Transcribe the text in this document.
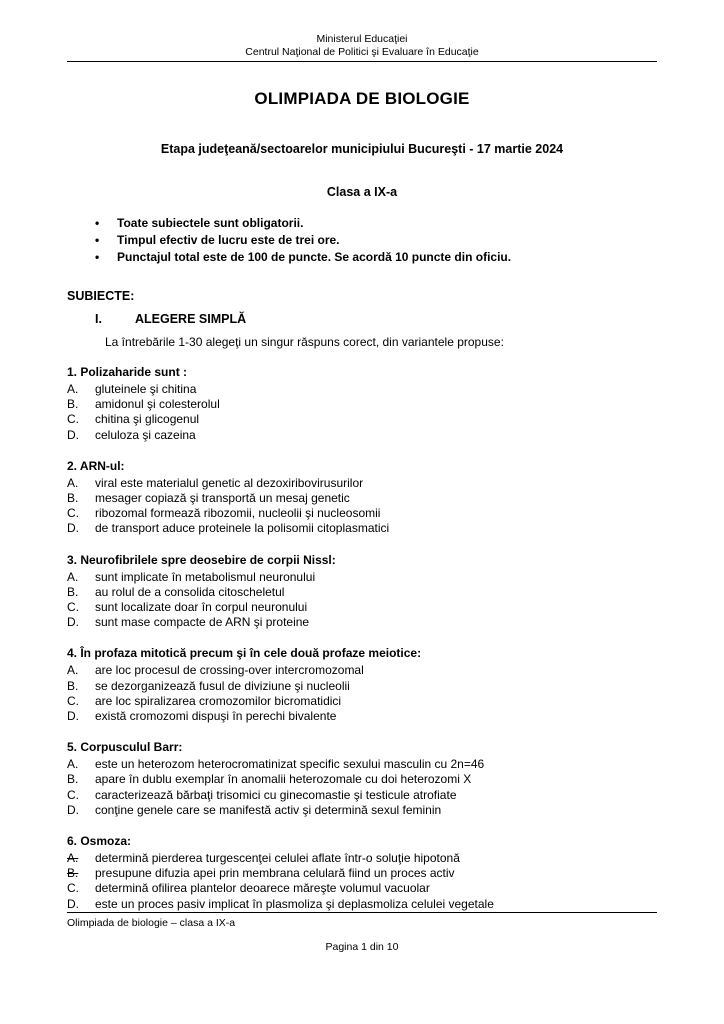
Ministerul Educaţiei
Centrul Naţional de Politici şi Evaluare în Educaţie
OLIMPIADA DE BIOLOGIE
Etapa judeţeană/sectoarelor municipiului Bucureşti - 17 martie 2024
Clasa a IX-a
• Toate subiectele sunt obligatorii.
• Timpul efectiv de lucru este de trei ore.
• Punctajul total este de 100 de puncte. Se acordă 10 puncte din oficiu.
SUBIECTE:
I.	ALEGERE SIMPLĂ
La întrebările 1-30 alegeţi un singur răspuns corect, din variantele propuse:
1. Polizaharide sunt :
A.	gluteinele şi chitina
B.	amidonul şi colesterolul
C.	chitina şi glicogenul
D.	celuloza şi cazeina
2. ARN-ul:
A.	viral este materialul genetic al dezoxiribovirusurilor
B.	mesager copiază şi transportă un mesaj genetic
C.	ribozomal formează ribozomii, nucleolii şi nucleosomii
D.	de transport aduce proteinele la polisomii citoplasmatici
3. Neurofibrilele spre deosebire de corpii Nissl:
A.	sunt implicate în metabolismul neuronului
B.	au rolul de a consolida citoscheletul
C.	sunt localizate doar în corpul neuronului
D.	sunt mase compacte de ARN şi proteine
4. În profaza mitotică precum şi în cele două profaze meiotice:
A.	are loc procesul de crossing-over intercromozomal
B.	se dezorganizează fusul de diviziune şi nucleolii
C.	are loc spiralizarea cromozomilor bicromatidici
D.	există cromozomi dispuşi în perechi bivalente
5. Corpusculul Barr:
A.	este un heterozom heterocromatinizat specific sexului masculin cu 2n=46
B.	apare în dublu exemplar în anomalii heterozomale cu doi heterozomi X
C.	caracterizează bărbaţi trisomici cu ginecomastie şi testicule atrofiate
D.	conţine genele care se manifestă activ şi determină sexul feminin
6. Osmoza:
A.	determină pierderea turgescenţei celulei aflate într-o soluţie hipotonă
B.	presupune difuzia apei prin membrana celulară fiind un proces activ
C.	determină ofilirea plantelor deoarece măreşte volumul vacuolar
D.	este un proces pasiv implicat în plasmoliza şi deplasmoliza celulei vegetale
Olimpiada de biologie – clasa a IX-a
Pagina 1 din 10
